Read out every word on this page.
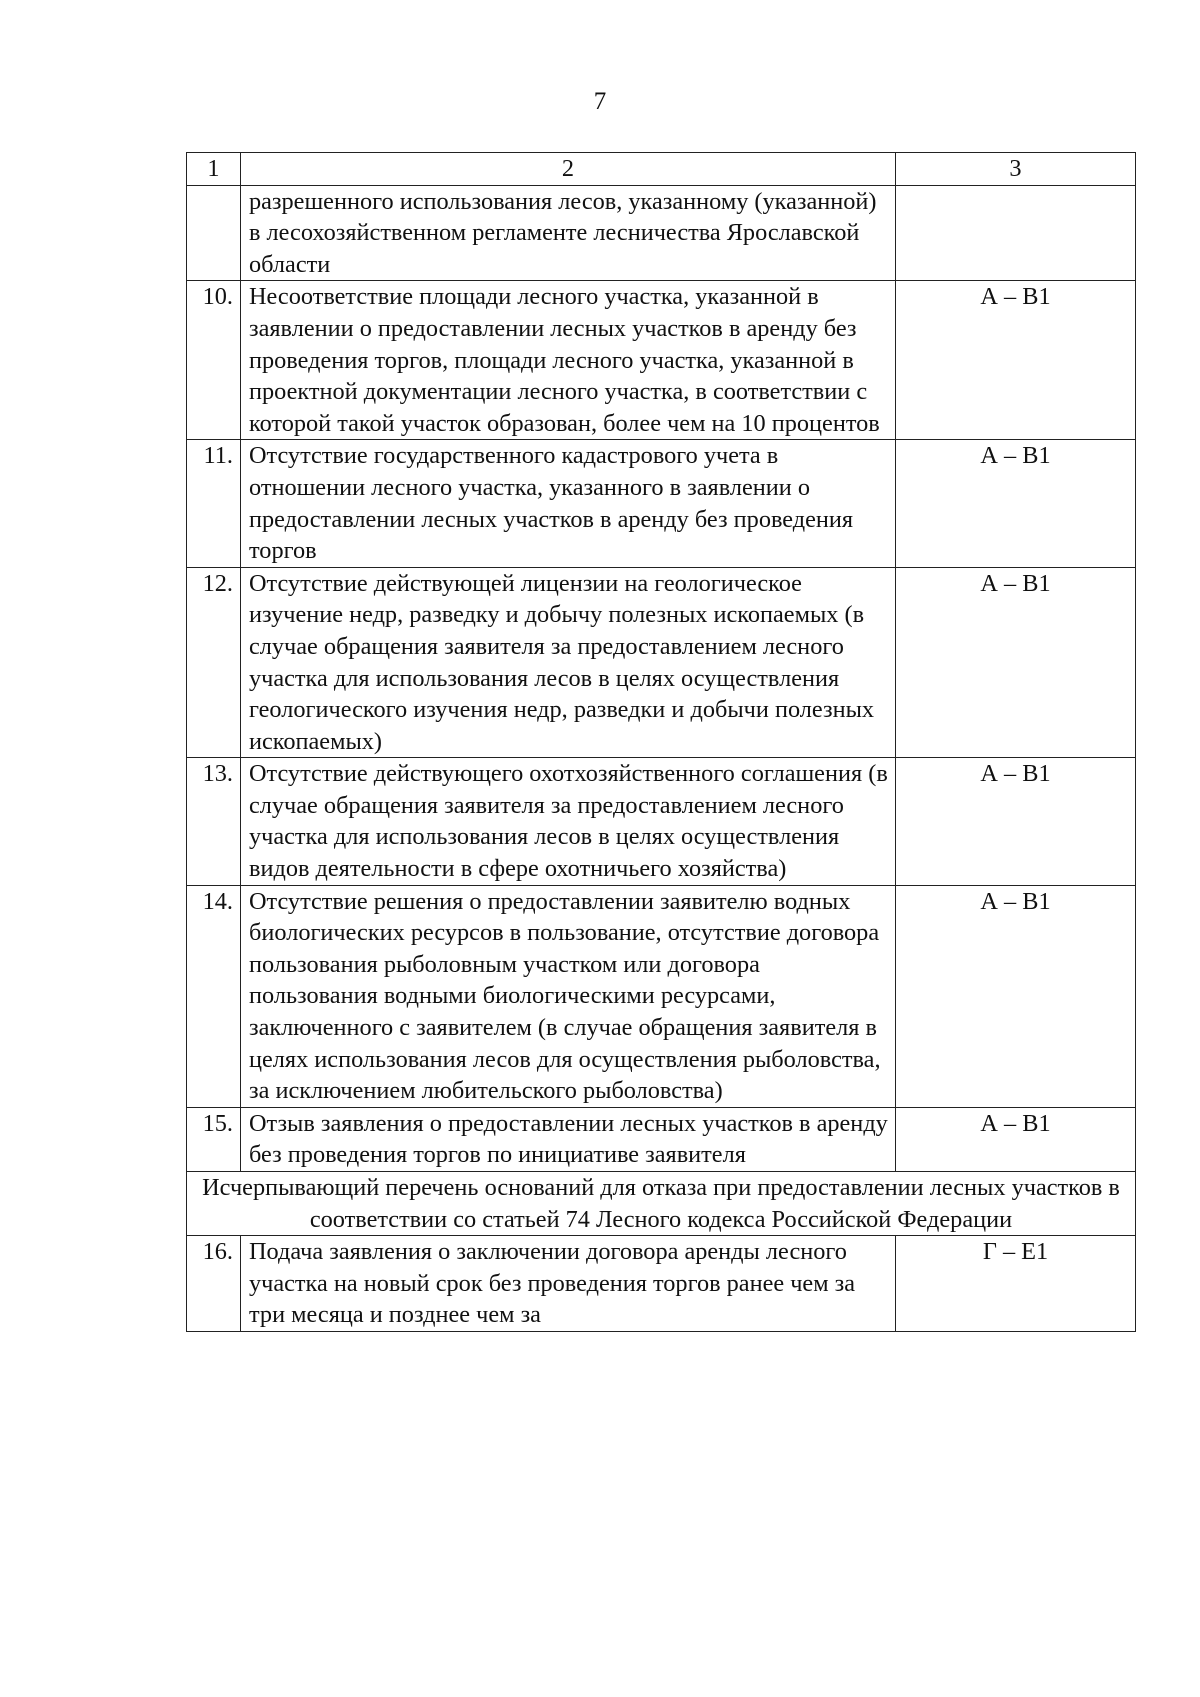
7
1	2	3
	разрешенного использования лесов, указанному (указанной) в лесохозяйственном регламенте лесничества Ярославской области	
10.	Несоответствие площади лесного участка, указанной в заявлении о предоставлении лесных участков в аренду без проведения торгов, площади лесного участка, указанной в проектной документации лесного участка, в соответствии с которой такой участок образован, более чем на 10 процентов	А – В1
11.	Отсутствие государственного кадастрового учета в отношении лесного участка, указанного в заявлении о предоставлении лесных участков в аренду без проведения торгов	А – В1
12.	Отсутствие действующей лицензии на геологическое изучение недр, разведку и добычу полезных ископаемых (в случае обращения заявителя за предоставлением лесного участка для использования лесов в целях осуществления геологического изучения недр, разведки и добычи полезных ископаемых)	А – В1
13.	Отсутствие действующего охотхозяйственного соглашения (в случае обращения заявителя за предоставлением лесного участка для использования лесов в целях осуществления видов деятельности в сфере охотничьего хозяйства)	А – В1
14.	Отсутствие решения о предоставлении заявителю водных биологических ресурсов в пользование, отсутствие договора пользования рыболовным участком или договора пользования водными биологическими ресурсами, заключенного с заявителем (в случае обращения заявителя в целях использования лесов для осуществления рыболовства, за исключением любительского рыболовства)	А – В1
15.	Отзыв заявления о предоставлении лесных участков в аренду без проведения торгов по инициативе заявителя	А – В1
Исчерпывающий перечень оснований для отказа при предоставлении лесных участков в соответствии со статьей 74 Лесного кодекса Российской Федерации		
16.	Подача заявления о заключении договора аренды лесного участка на новый срок без проведения торгов ранее чем за три месяца и позднее чем за	Г – Е1
